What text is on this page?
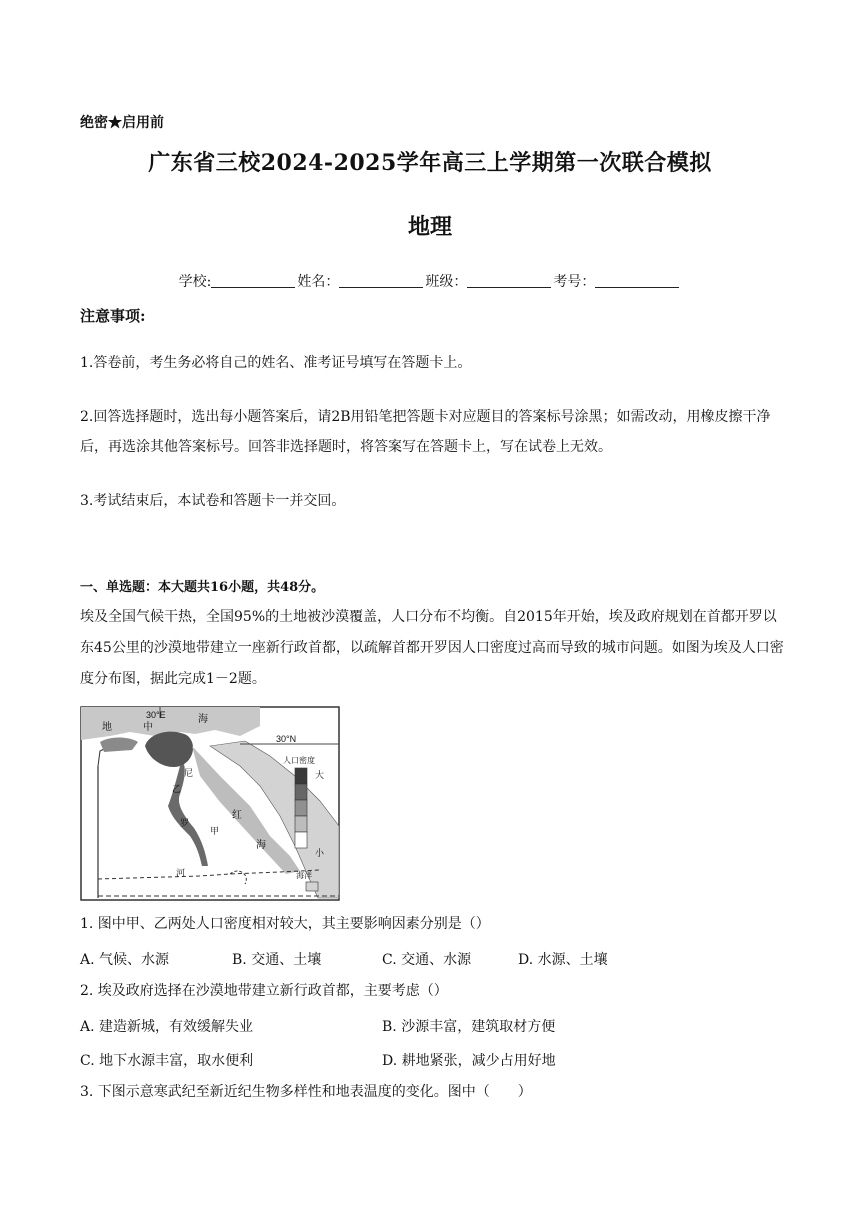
绝密★启用前
广东省三校2024-2025学年高三上学期第一次联合模拟
地理
学校:	姓名：	班级：	考号：
注意事项:
1.答卷前，考生务必将自己的姓名、准考证号填写在答题卡上。
2.回答选择题时，选出每小题答案后，请2B用铅笔把答题卡对应题目的答案标号涂黑；如需改动，用橡皮擦干净后，再选涂其他答案标号。回答非选择题时，将答案写在答题卡上，写在试卷上无效。
3.考试结束后，本试卷和答题卡一并交回。
一、单选题：本大题共16小题，共48分。
埃及全国气候干热，全国95%的土地被沙漠覆盖，人口分布不均衡。自2015年开始，埃及政府规划在首都开罗以东45公里的沙漠地带建立一座新行政首都，以疏解首都开罗因人口密度过高而导致的城市问题。如图为埃及人口密度分布图，据此完成1－2题。
30°E
30°N
地	中
海
红
海
尼
罗
河
乙
甲
人口密度
大
小
海洋
1. 图中甲、乙两处人口密度相对较大，其主要影响因素分别是（）
A. 气候、水源	B. 交通、土壤	C. 交通、水源	D. 水源、土壤
2. 埃及政府选择在沙漠地带建立新行政首都，主要考虑（）
A. 建造新城，有效缓解失业	B. 沙源丰富，建筑取材方便
C. 地下水源丰富，取水便利	D. 耕地紧张，减少占用好地
3. 下图示意寒武纪至新近纪生物多样性和地表温度的变化。图中（　　）
